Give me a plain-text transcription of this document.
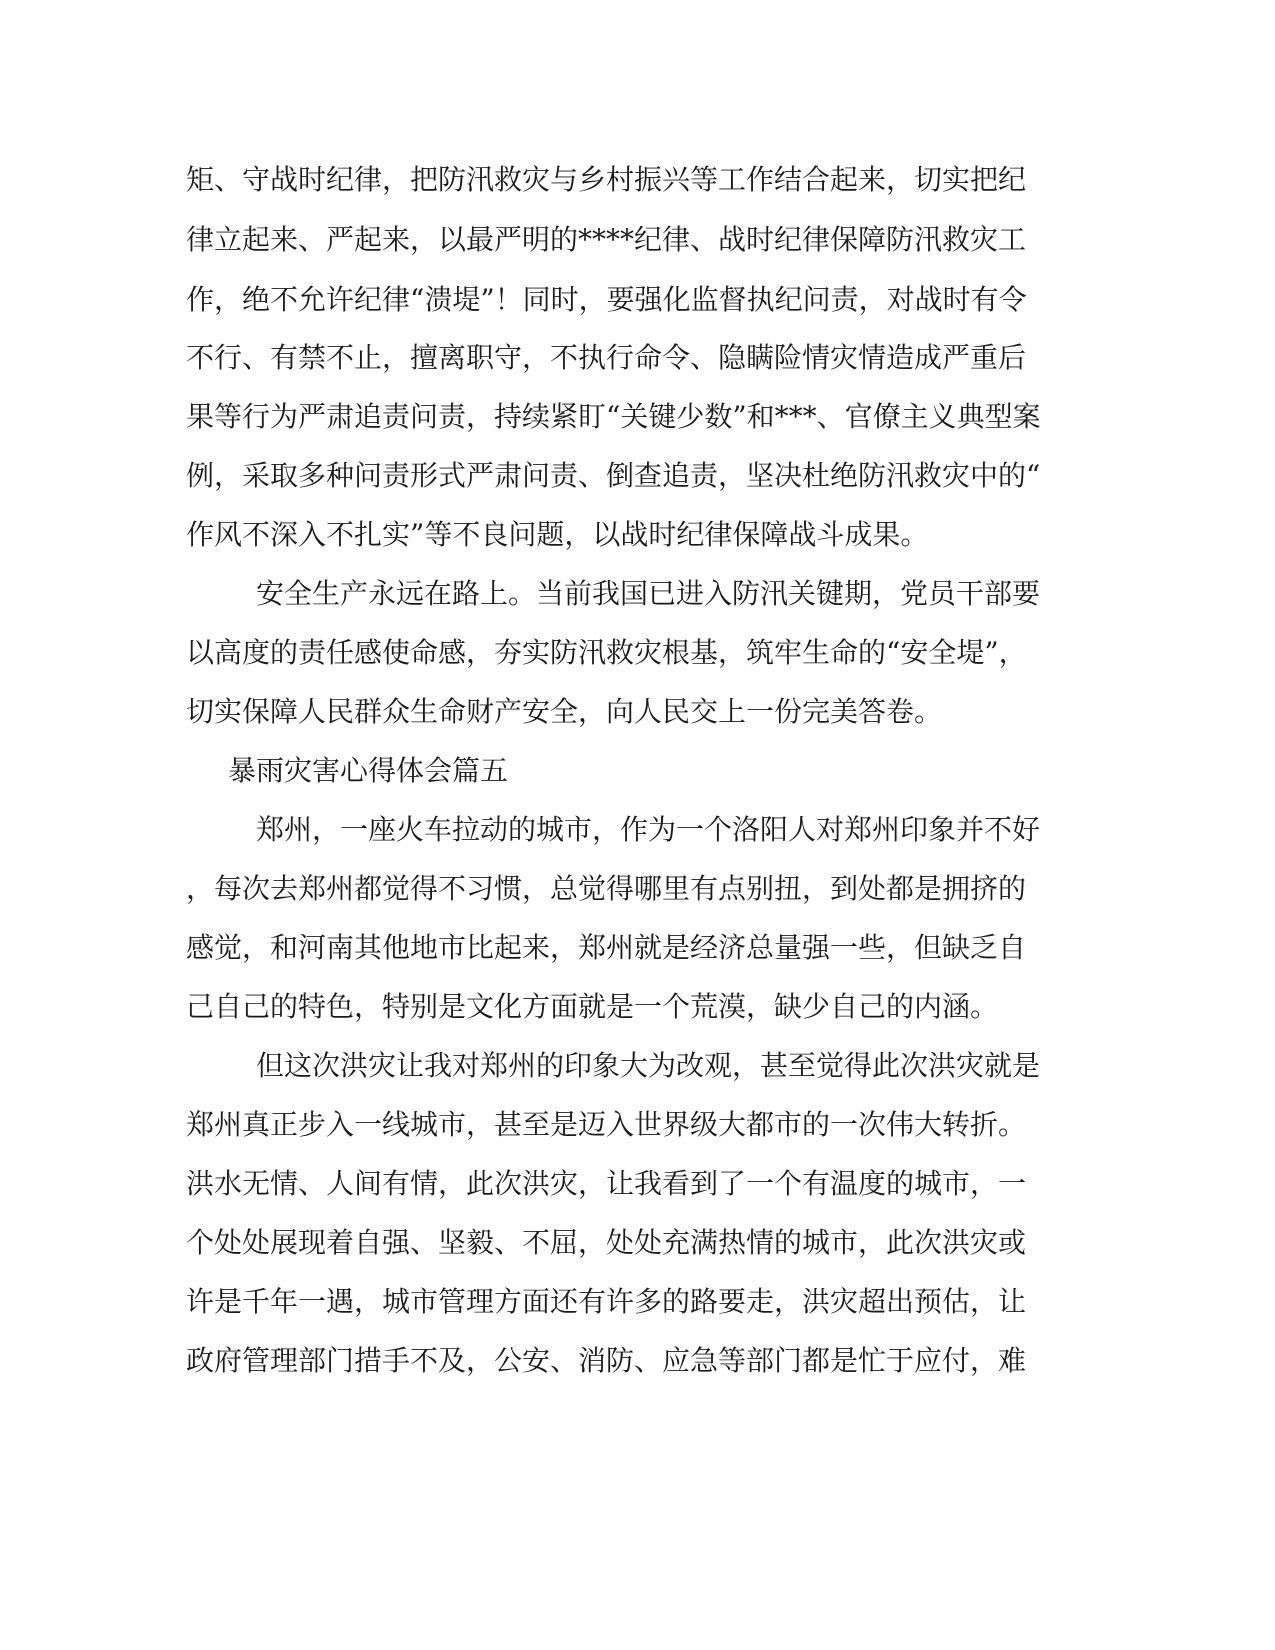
矩、守战时纪律，把防汛救灾与乡村振兴等工作结合起来，切实把纪
律立起来、严起来，以最严明的****纪律、战时纪律保障防汛救灾工
作，绝不允许纪律“溃堤”！同时，要强化监督执纪问责，对战时有令
不行、有禁不止，擅离职守，不执行命令、隐瞒险情灾情造成严重后
果等行为严肃追责问责，持续紧盯“关键少数”和***、官僚主义典型案
例，采取多种问责形式严肃问责、倒查追责，坚决杜绝防汛救灾中的“
作风不深入不扎实”等不良问题，以战时纪律保障战斗成果。
安全生产永远在路上。当前我国已进入防汛关键期，党员干部要
以高度的责任感使命感，夯实防汛救灾根基，筑牢生命的“安全堤”，
切实保障人民群众生命财产安全，向人民交上一份完美答卷。
暴雨灾害心得体会篇五
郑州，一座火车拉动的城市，作为一个洛阳人对郑州印象并不好
，每次去郑州都觉得不习惯，总觉得哪里有点别扭，到处都是拥挤的
感觉，和河南其他地市比起来，郑州就是经济总量强一些，但缺乏自
己自己的特色，特别是文化方面就是一个荒漠，缺少自己的内涵。
但这次洪灾让我对郑州的印象大为改观，甚至觉得此次洪灾就是
郑州真正步入一线城市，甚至是迈入世界级大都市的一次伟大转折。
洪水无情、人间有情，此次洪灾，让我看到了一个有温度的城市，一
个处处展现着自强、坚毅、不屈，处处充满热情的城市，此次洪灾或
许是千年一遇，城市管理方面还有许多的路要走，洪灾超出预估，让
政府管理部门措手不及，公安、消防、应急等部门都是忙于应付，难
